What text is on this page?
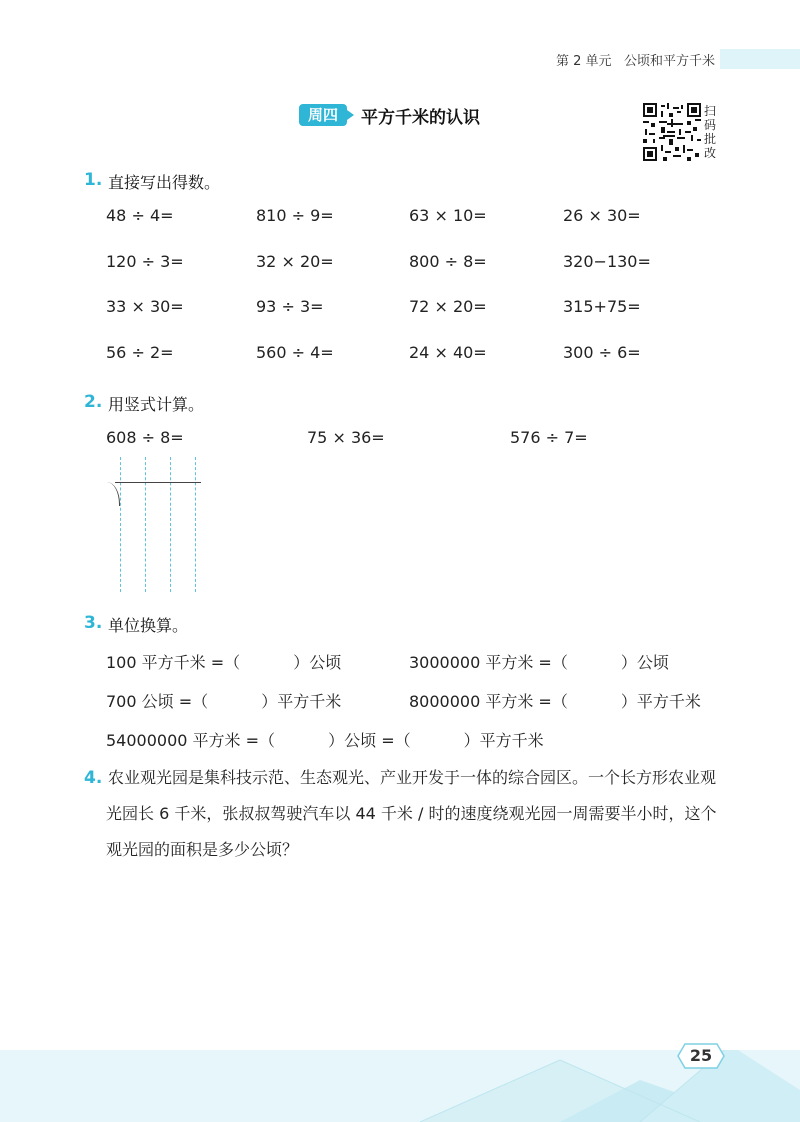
第 2 单元 公顷和平方千米
周四	平方千米的认识	扫码批改
1. 直接写出得数。
48 ÷ 4=	810 ÷ 9=	63 × 10=	26 × 30=
120 ÷ 3=	32 × 20=	800 ÷ 8=	320−130=
33 × 30=	93 ÷ 3=	72 × 20=	315+75=
56 ÷ 2=	560 ÷ 4=	24 × 40=	300 ÷ 6=
2. 用竖式计算。
608 ÷ 8=	75 × 36=	576 ÷ 7=
3. 单位换算。
100 平方千米 =（　　　 ）公顷	3000000 平方米 =（　　　 ）公顷
700 公顷 =（　　　 ）平方千米	8000000 平方米 =（　　　 ）平方千米
54000000 平方米 =（　　　 ）公顷 =（　　　 ）平方千米
4. 农业观光园是集科技示范、生态观光、产业开发于一体的综合园区。一个长方形农业观光园长 6 千米，张叔叔驾驶汽车以 44 千米 / 时的速度绕观光园一周需要半小时，这个观光园的面积是多少公顷？
25
